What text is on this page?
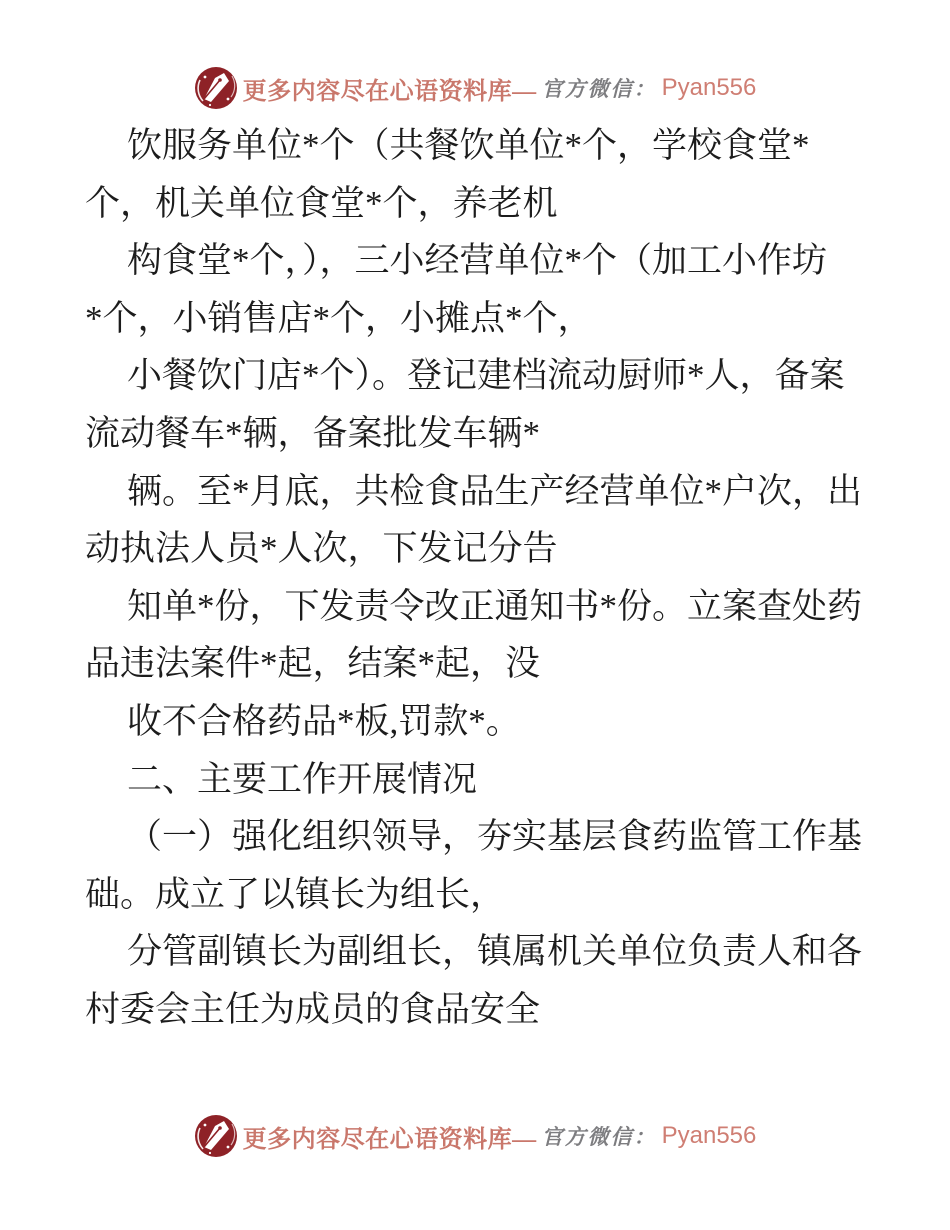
更多内容尽在心语资料库— 官方微信： Pyan556
饮服务单位*个（共餐饮单位*个，学校食堂*
个，机关单位食堂*个，养老机
构食堂*个，），三小经营单位*个（加工小作坊
*个，小销售店*个，小摊点*个，
小餐饮门店*个）。登记建档流动厨师*人，备案
流动餐车*辆，备案批发车辆*
辆。至*月底，共检食品生产经营单位*户次，出
动执法人员*人次，下发记分告
知单*份，下发责令改正通知书*份。立案查处药
品违法案件*起，结案*起，没
收不合格药品*板,罚款*。
二、主要工作开展情况
（一）强化组织领导，夯实基层食药监管工作基
础。成立了以镇长为组长，
分管副镇长为副组长，镇属机关单位负责人和各
村委会主任为成员的食品安全
更多内容尽在心语资料库— 官方微信： Pyan556
